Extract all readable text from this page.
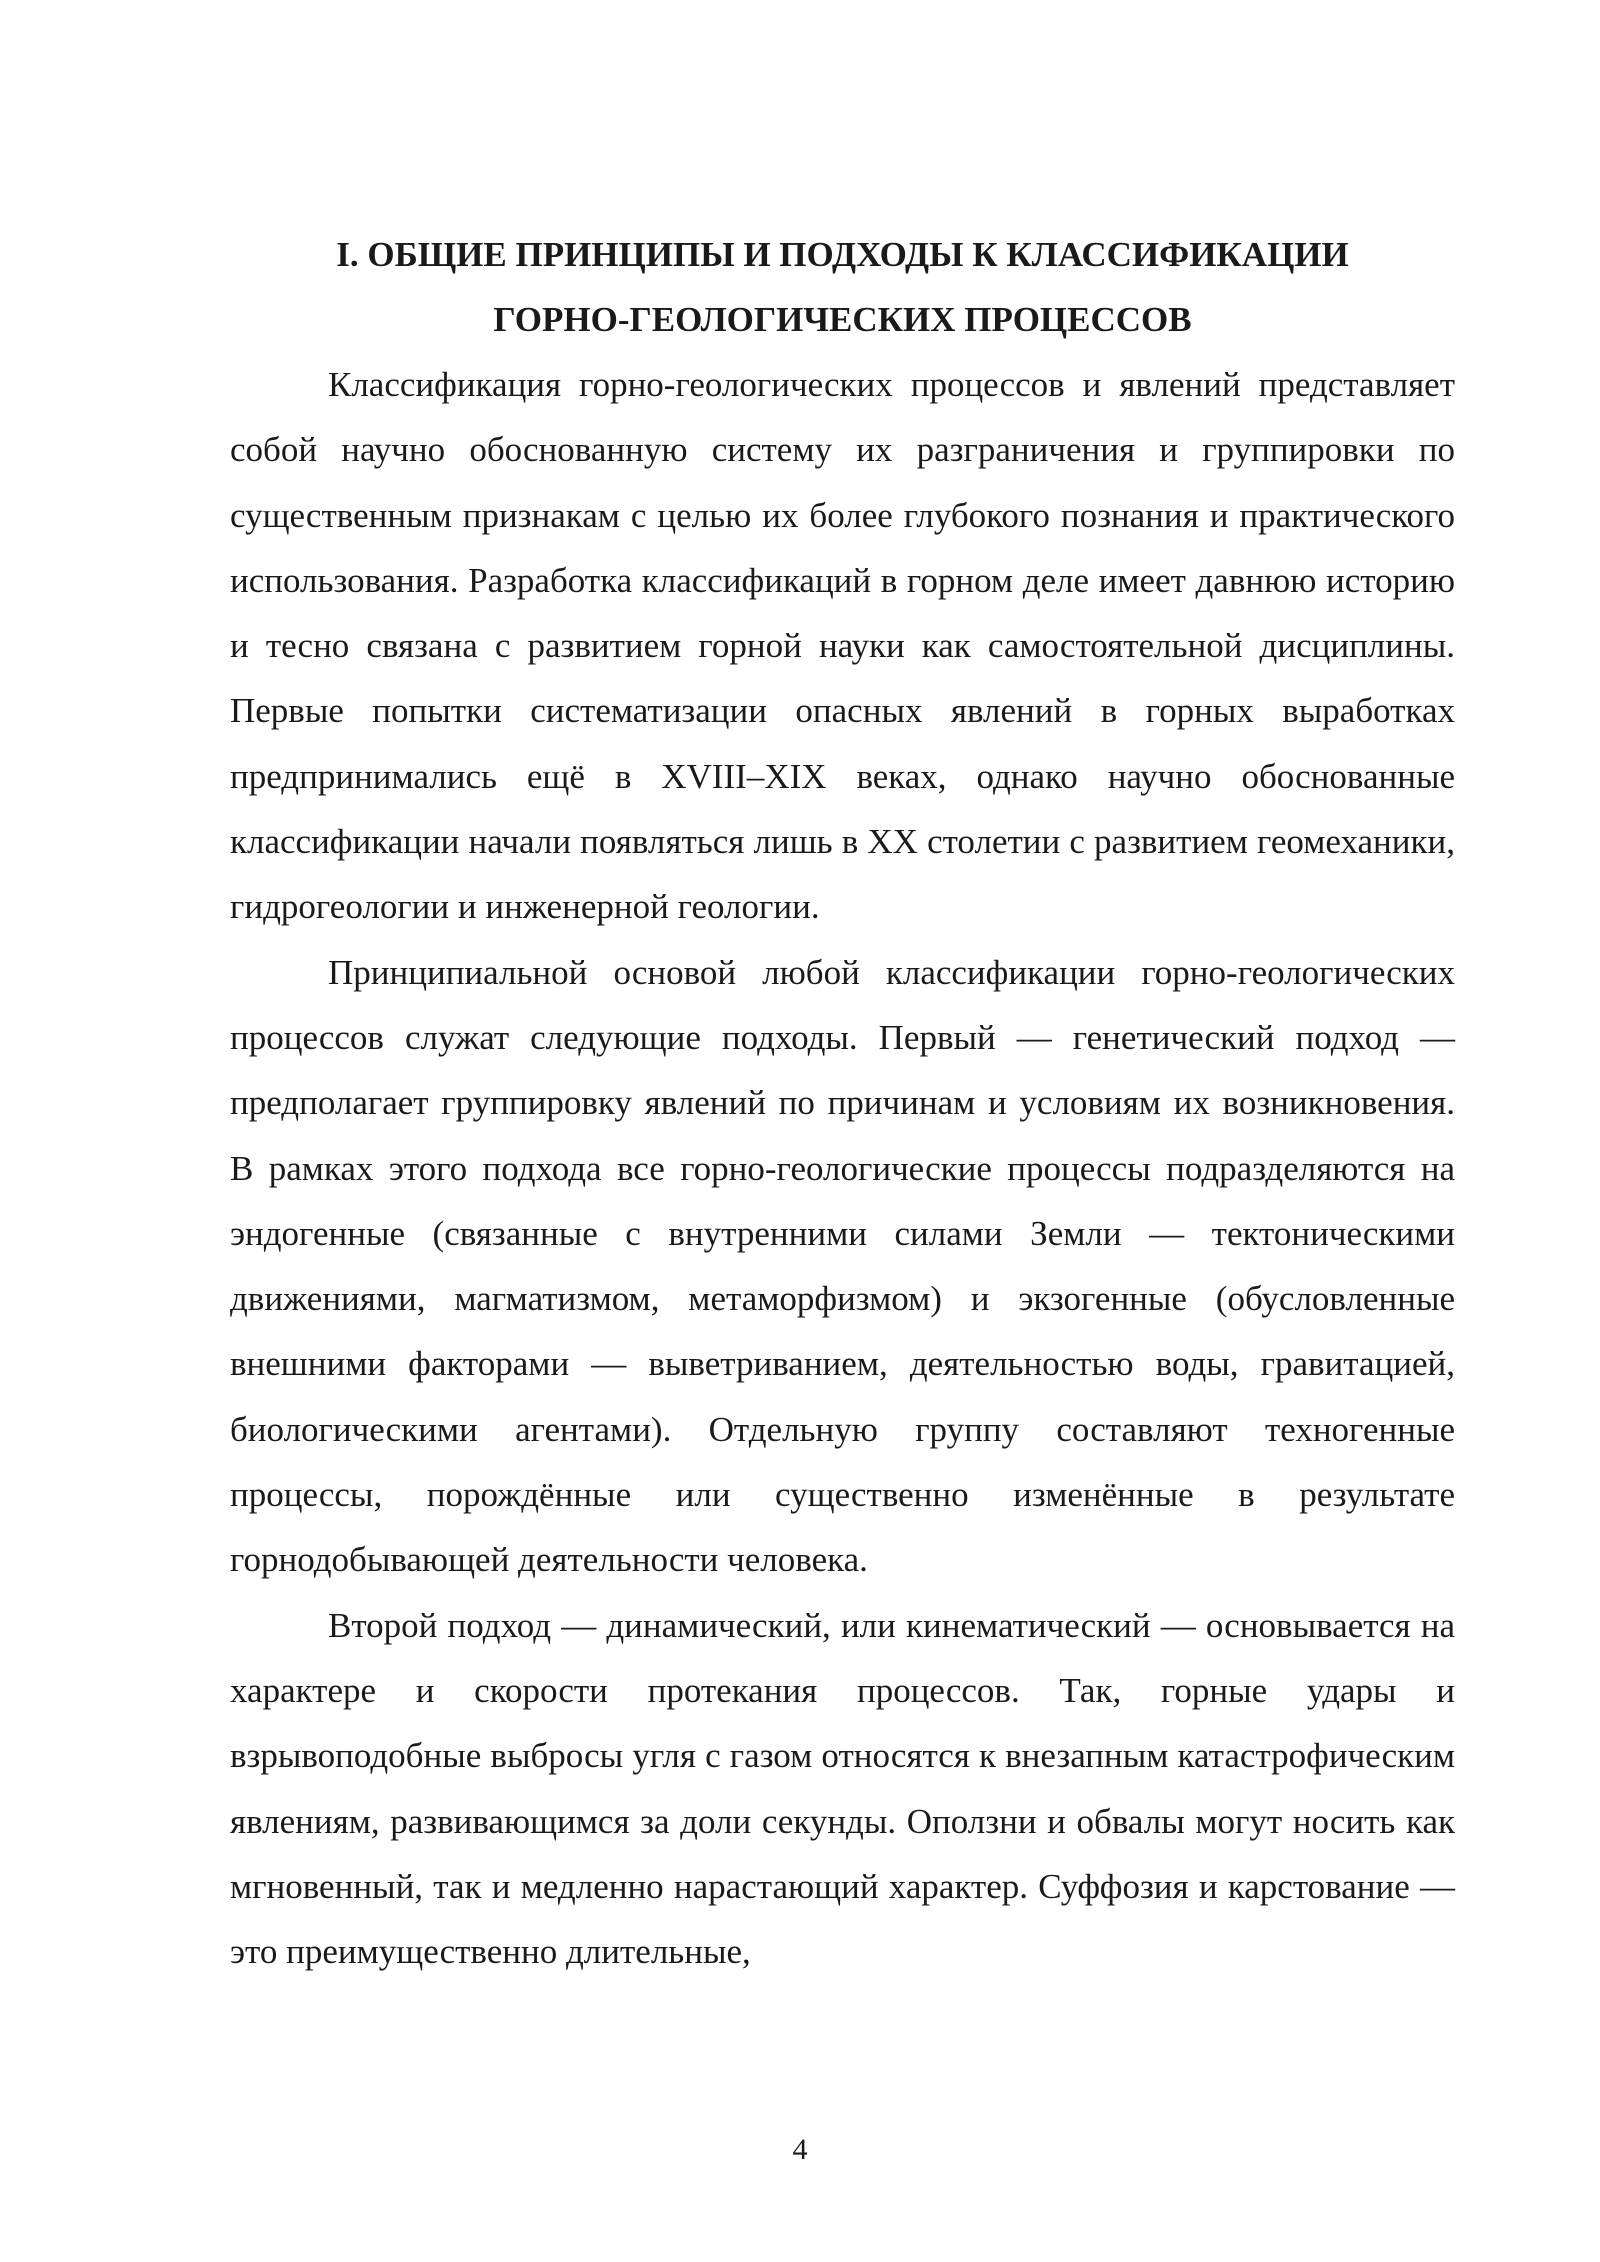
I. ОБЩИЕ ПРИНЦИПЫ И ПОДХОДЫ К КЛАССИФИКАЦИИ
ГОРНО-ГЕОЛОГИЧЕСКИХ ПРОЦЕССОВ

Классификация горно-геологических процессов и явлений представляет собой научно обоснованную систему их разграничения и группировки по существенным признакам с целью их более глубокого познания и практического использования. Разработка классификаций в горном деле имеет давнюю историю и тесно связана с развитием горной науки как самостоятельной дисциплины. Первые попытки систематизации опасных явлений в горных выработках предпринимались ещё в XVIII–XIX веках, однако научно обоснованные классификации начали появляться лишь в XX столетии с развитием геомеханики, гидрогеологии и инженерной геологии.

Принципиальной основой любой классификации горно-геологических процессов служат следующие подходы. Первый — генетический подход — предполагает группировку явлений по причинам и условиям их возникновения. В рамках этого подхода все горно-геологические процессы подразделяются на эндогенные (связанные с внутренними силами Земли — тектоническими движениями, магматизмом, метаморфизмом) и экзогенные (обусловленные внешними факторами — выветриванием, деятельностью воды, гравитацией, биологическими агентами). Отдельную группу составляют техногенные процессы, порождённые или существенно изменённые в результате горнодобывающей деятельности человека.

Второй подход — динамический, или кинематический — основывается на характере и скорости протекания процессов. Так, горные удары и взрывоподобные выбросы угля с газом относятся к внезапным катастрофическим явлениям, развивающимся за доли секунды. Оползни и обвалы могут носить как мгновенный, так и медленно нарастающий характер. Суффозия и карстование — это преимущественно длительные,

4
